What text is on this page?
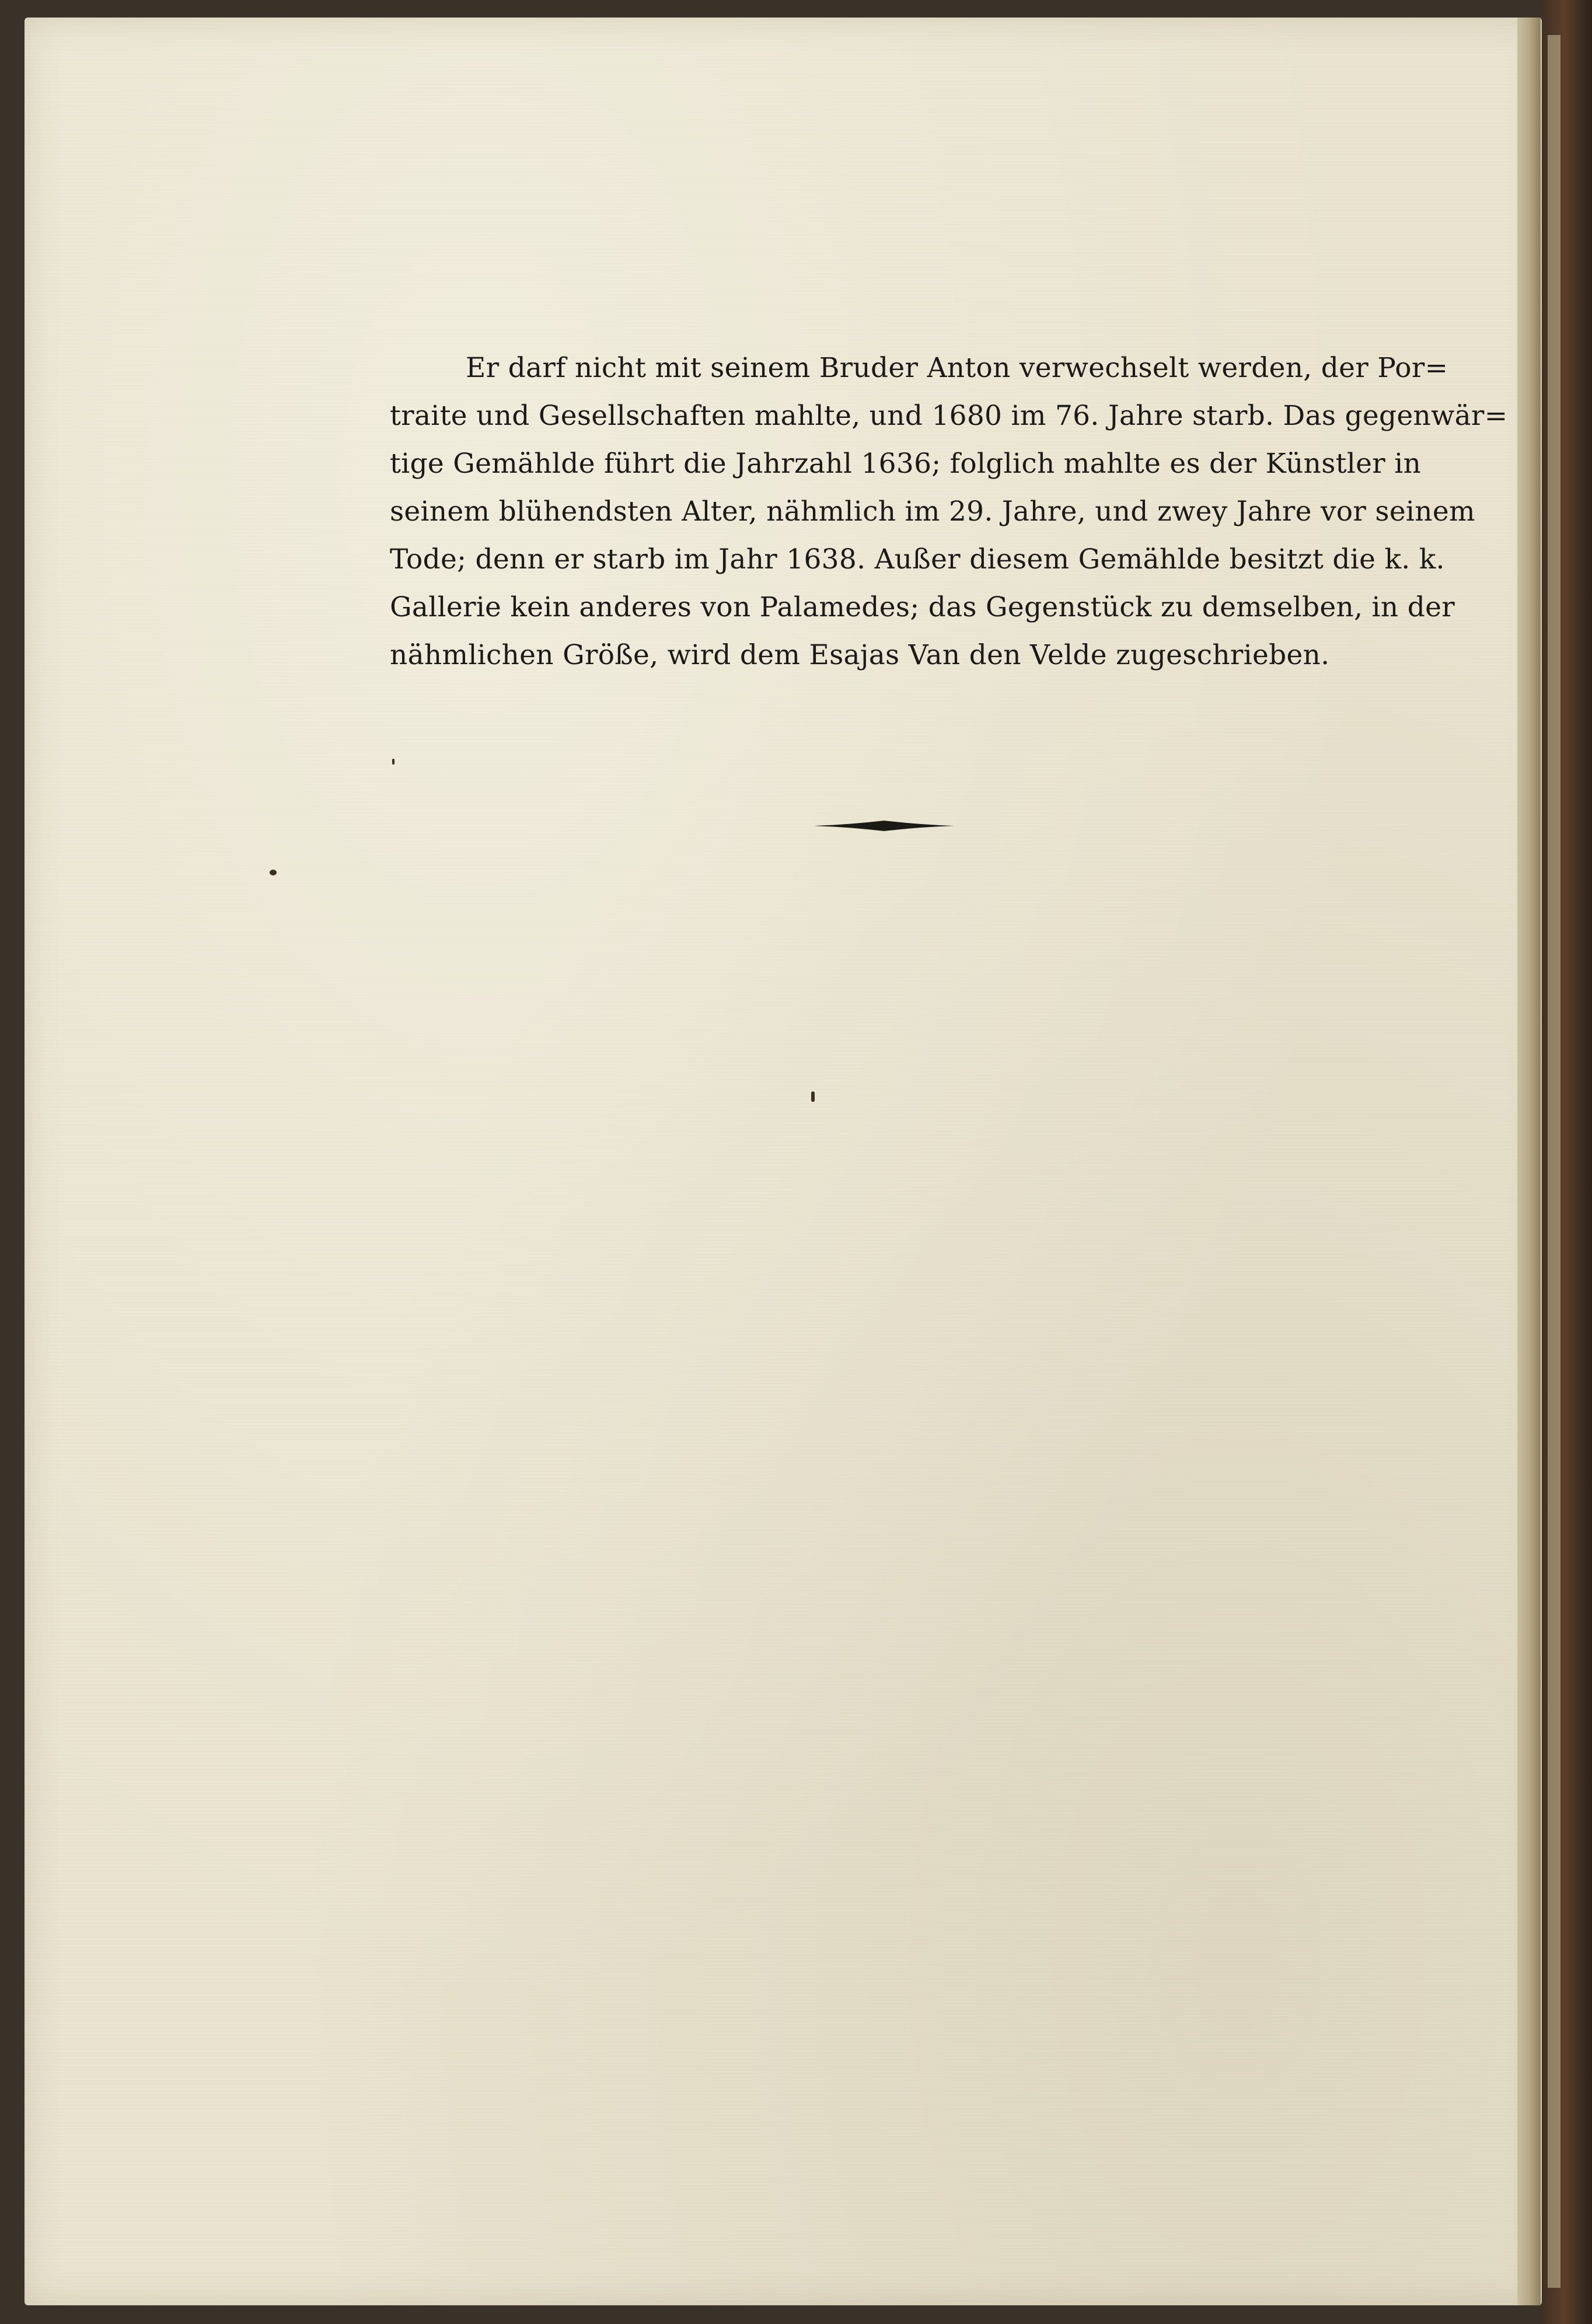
Er darf nicht mit seinem Bruder Anton verwechselt werden, der Por=
traite und Gesellschaften mahlte, und 1680 im 76. Jahre starb. Das gegenwär=
tige Gemählde führt die Jahrzahl 1636; folglich mahlte es der Künstler in
seinem blühendsten Alter, nähmlich im 29. Jahre, und zwey Jahre vor seinem
Tode; denn er starb im Jahr 1638. Außer diesem Gemählde besitzt die k. k.
Gallerie kein anderes von Palamedes; das Gegenstück zu demselben, in der
nähmlichen Größe, wird dem Esajas Van den Velde zugeschrieben.
